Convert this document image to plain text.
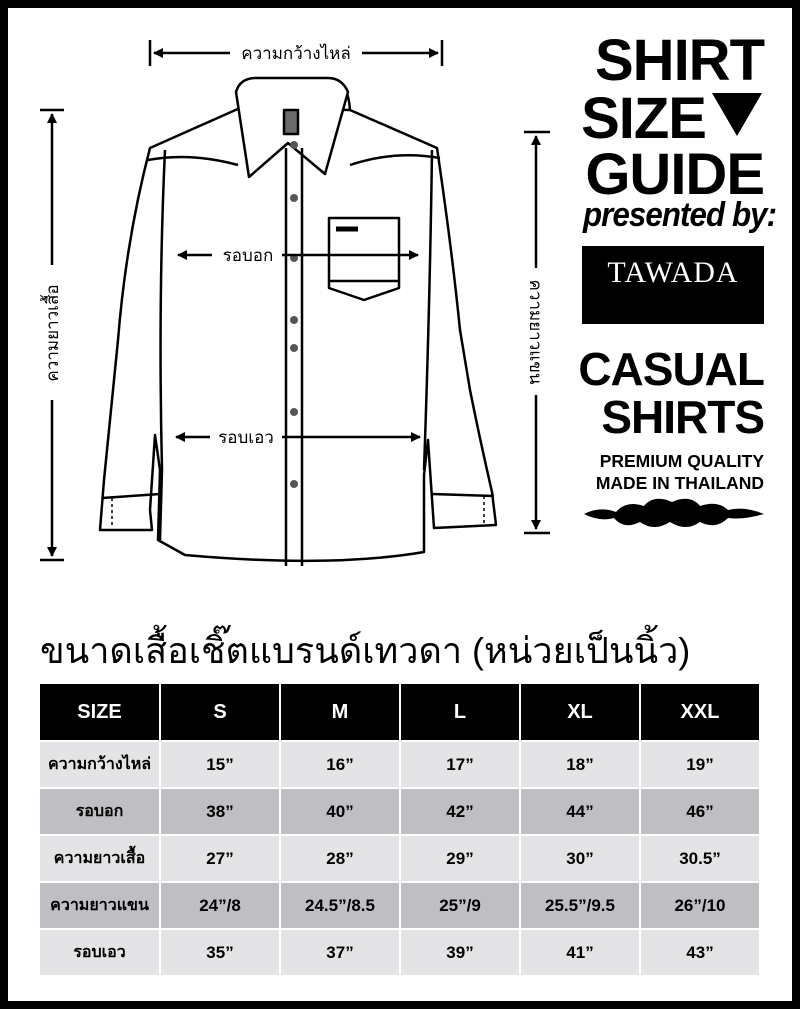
ความกว้างไหล่
รอบอก
รอบเอว
ความยาวเสื้อ	ความยาวแขน
SHIRT
SIZE
GUIDE
presented by:
TAWADA
CASUAL
SHIRTS
PREMIUM QUALITY
MADE IN THAILAND
ขนาดเสื้อเชิ๊ตแบรนด์เทวดา (หน่วยเป็นนิ้ว)
SIZE	S	M	L	XL	XXL
ความกว้างไหล่	15”	16”	17”	18”	19”
รอบอก	38”	40”	42”	44”	46”
ความยาวเสื้อ	27”	28”	29”	30”	30.5”
ความยาวแขน	24”/8	24.5”/8.5	25”/9	25.5”/9.5	26”/10
รอบเอว	35”	37”	39”	41”	43”
